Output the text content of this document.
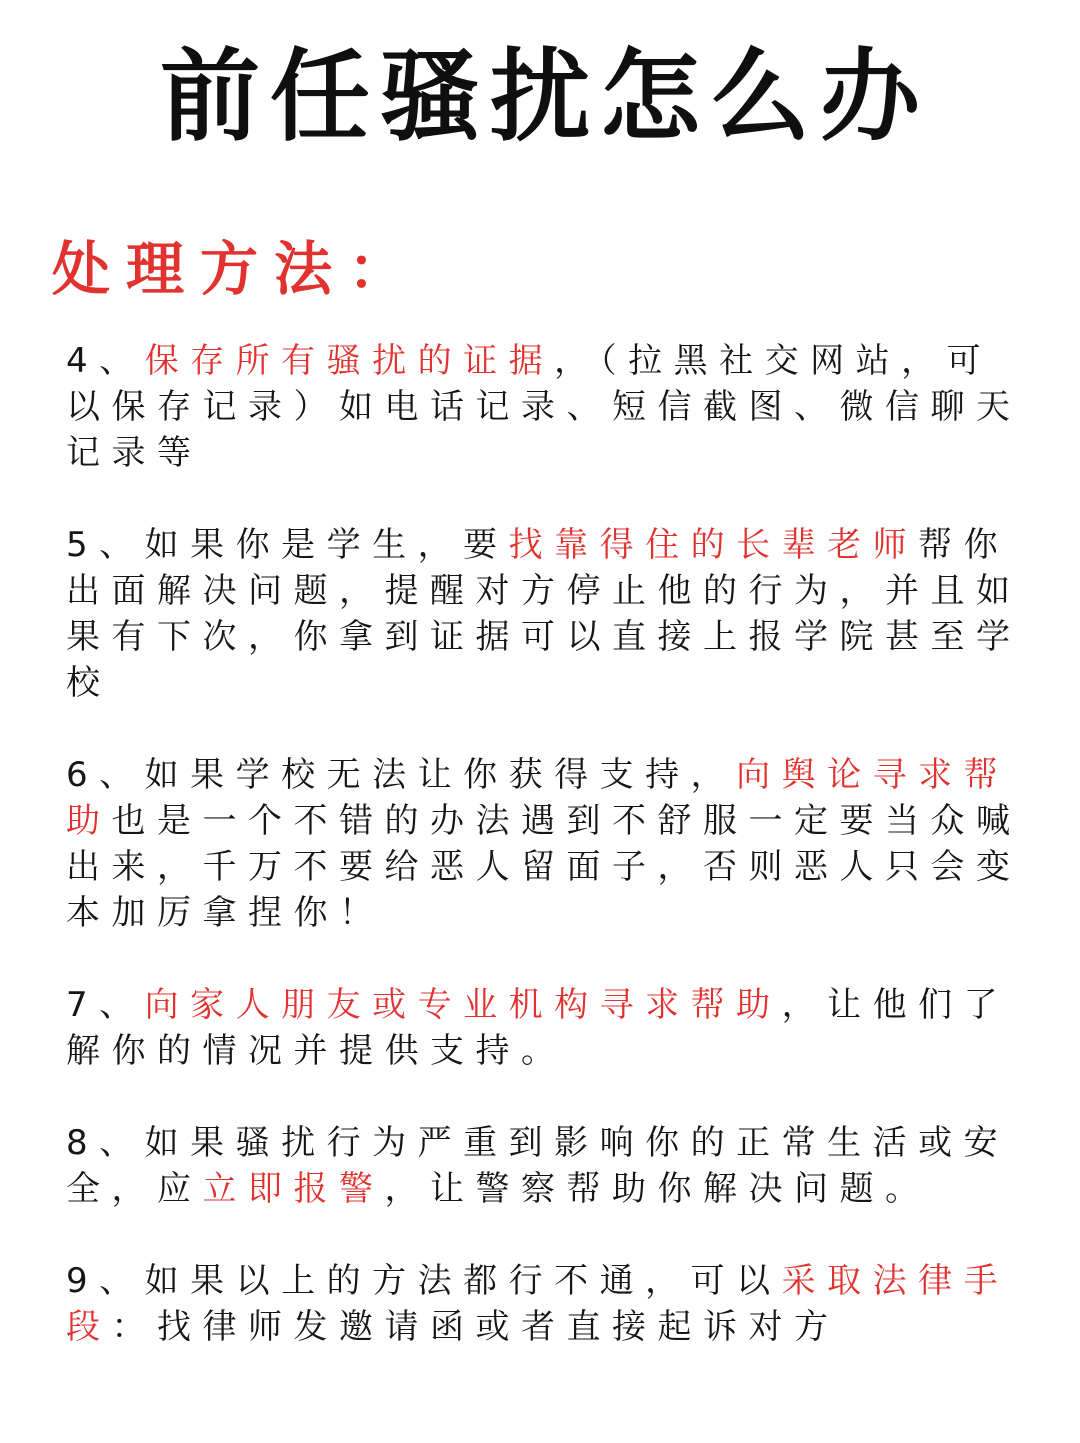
前任骚扰怎么办
处理方法：

4、保存所有骚扰的证据，（拉黑社交网站，可以保存记录）如电话记录、短信截图、微信聊天记录等

5、如果你是学生，要找靠得住的长辈老师帮你出面解决问题，提醒对方停止他的行为，并且如果有下次，你拿到证据可以直接上报学院甚至学校

6、如果学校无法让你获得支持，向舆论寻求帮助也是一个不错的办法遇到不舒服一定要当众喊出来，千万不要给恶人留面子，否则恶人只会变本加厉拿捏你！

7、向家人朋友或专业机构寻求帮助，让他们了解你的情况并提供支持。

8、如果骚扰行为严重到影响你的正常生活或安全，应立即报警，让警察帮助你解决问题。

9、如果以上的方法都行不通，可以采取法律手段：找律师发邀请函或者直接起诉对方
